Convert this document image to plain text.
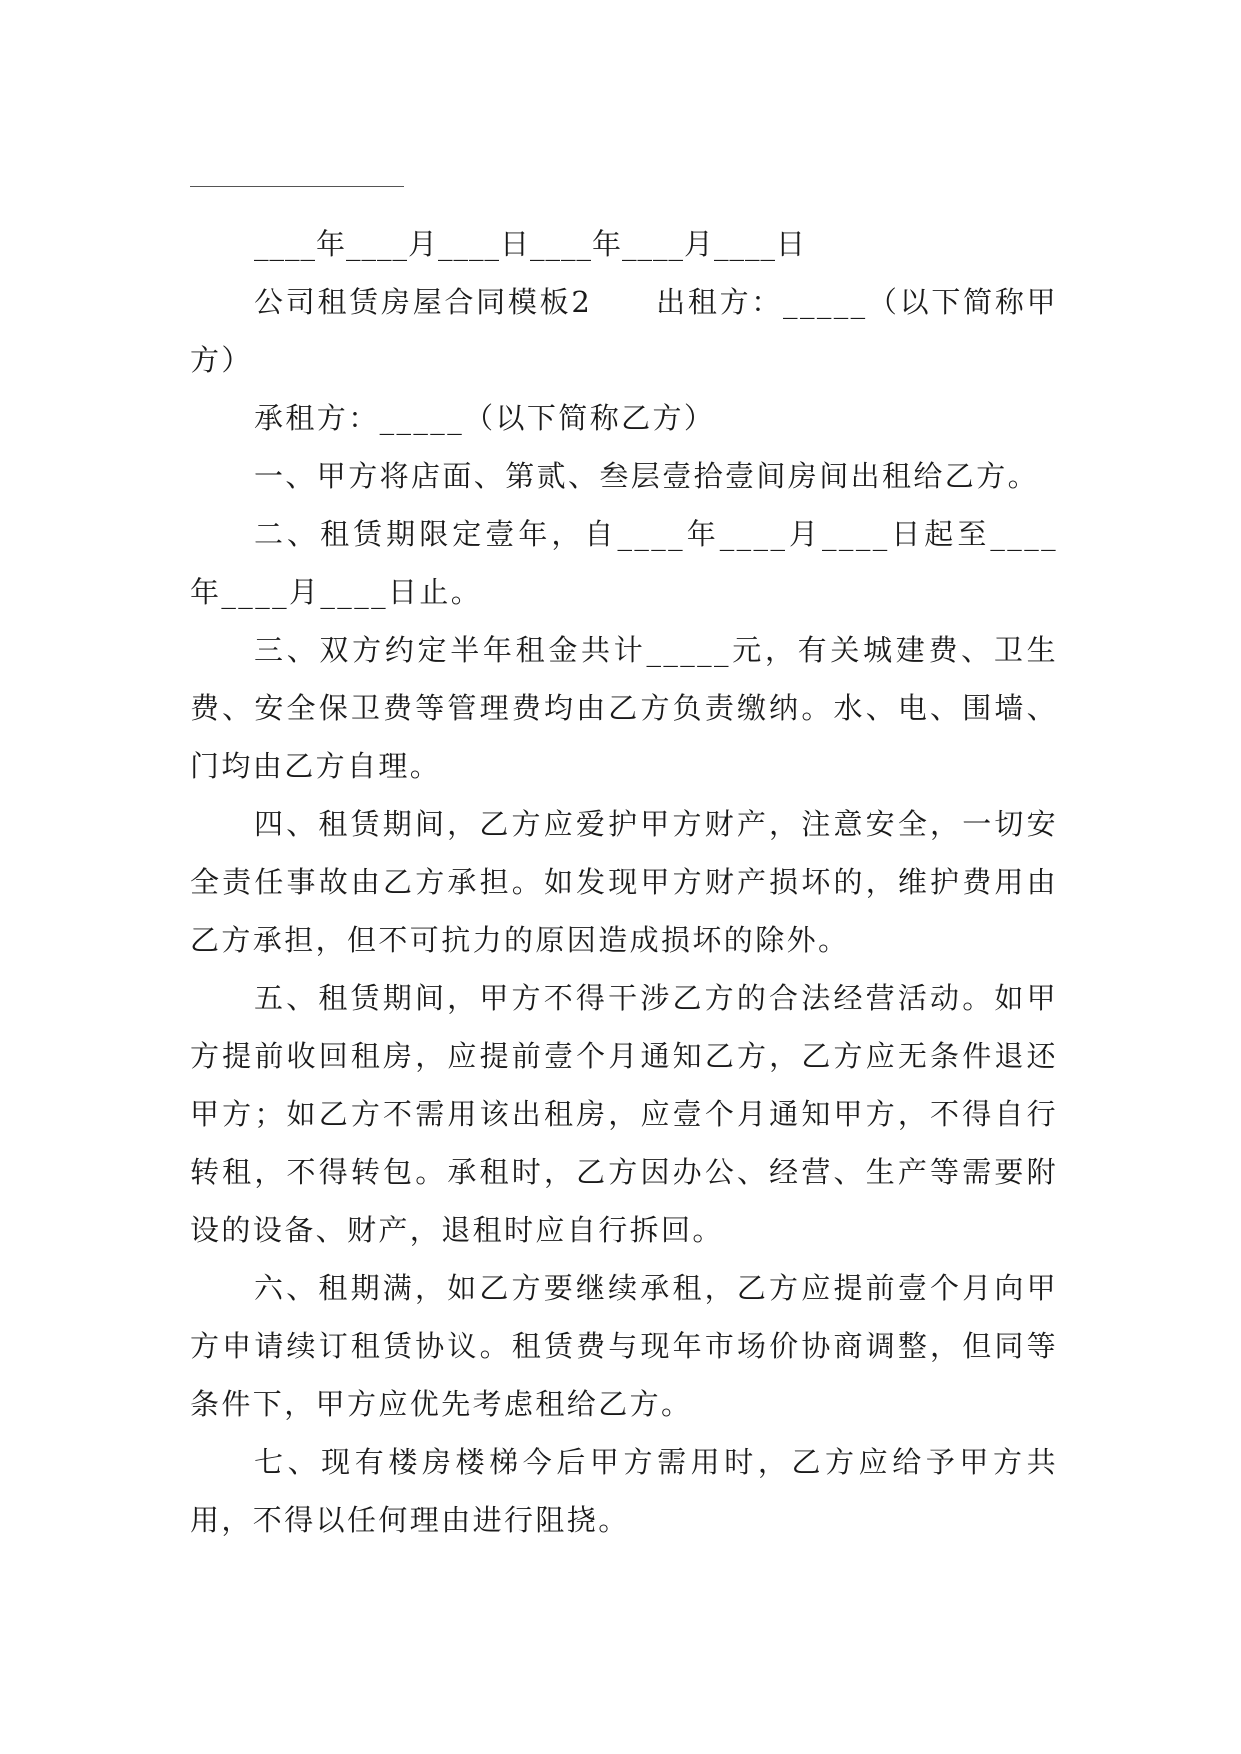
____年____月____日____年____月____日

公司租赁房屋合同模板2　　出租方：_____（以下简称甲方）

承租方：_____（以下简称乙方）

一、甲方将店面、第贰、叁层壹拾壹间房间出租给乙方。

二、租赁期限定壹年，自____年____月____日起至____年____月____日止。

三、双方约定半年租金共计_____元，有关城建费、卫生费、安全保卫费等管理费均由乙方负责缴纳。水、电、围墙、门均由乙方自理。

四、租赁期间，乙方应爱护甲方财产，注意安全，一切安全责任事故由乙方承担。如发现甲方财产损坏的，维护费用由乙方承担，但不可抗力的原因造成损坏的除外。

五、租赁期间，甲方不得干涉乙方的合法经营活动。如甲方提前收回租房，应提前壹个月通知乙方，乙方应无条件退还甲方；如乙方不需用该出租房，应壹个月通知甲方，不得自行转租，不得转包。承租时，乙方因办公、经营、生产等需要附设的设备、财产，退租时应自行拆回。

六、租期满，如乙方要继续承租，乙方应提前壹个月向甲方申请续订租赁协议。租赁费与现年市场价协商调整，但同等条件下，甲方应优先考虑租给乙方。

七、现有楼房楼梯今后甲方需用时，乙方应给予甲方共用，不得以任何理由进行阻挠。
